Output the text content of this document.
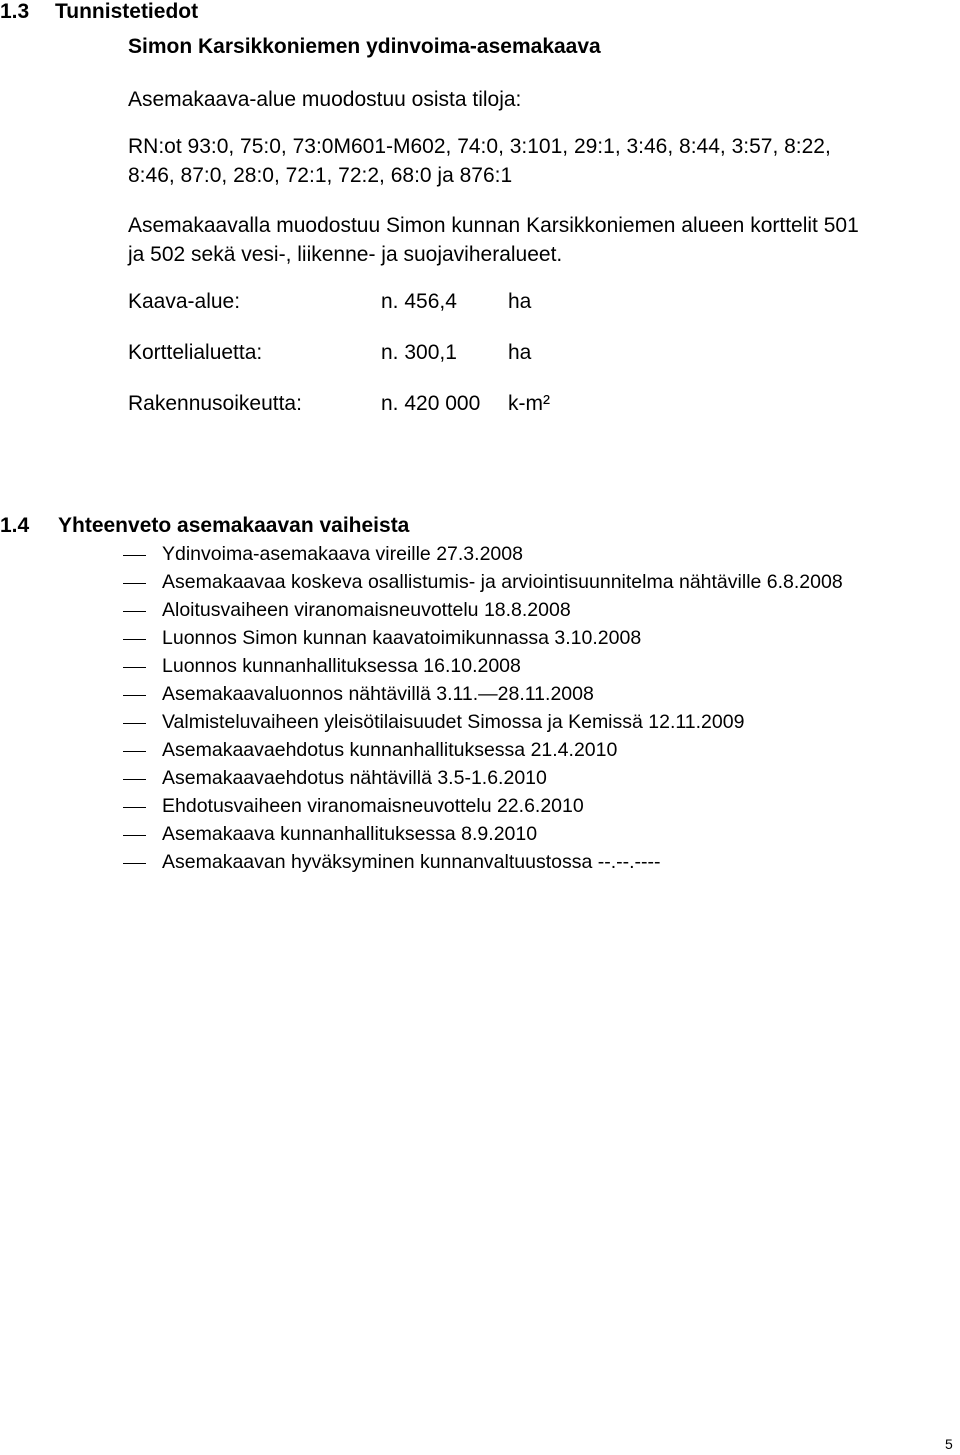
1.3 Tunnistetiedot
Simon Karsikkoniemen ydinvoima-asemakaava
Asemakaava-alue muodostuu osista tiloja:
RN:ot 93:0, 75:0, 73:0M601-M602, 74:0, 3:101, 29:1, 3:46, 8:44, 3:57, 8:22,
8:46, 87:0, 28:0, 72:1, 72:2, 68:0 ja 876:1
Asemakaavalla muodostuu Simon kunnan Karsikkoniemen alueen korttelit 501
ja 502 sekä vesi-, liikenne- ja suojaviheralueet.
Kaava-alue:	n. 456,4 ha
Korttelialuetta:	n. 300,1 ha
Rakennusoikeutta:	n. 420 000 k-m²
1.4 Yhteenveto asemakaavan vaiheista
Ydinvoima-asemakaava vireille 27.3.2008
Asemakaavaa koskeva osallistumis- ja arviointisuunnitelma nähtäville 6.8.2008
Aloitusvaiheen viranomaisneuvottelu 18.8.2008
Luonnos Simon kunnan kaavatoimikunnassa 3.10.2008
Luonnos kunnanhallituksessa 16.10.2008
Asemakaavaluonnos nähtävillä 3.11.—28.11.2008
Valmisteluvaiheen yleisötilaisuudet Simossa ja Kemissä 12.11.2009
Asemakaavaehdotus kunnanhallituksessa 21.4.2010
Asemakaavaehdotus nähtävillä 3.5-1.6.2010
Ehdotusvaiheen viranomaisneuvottelu 22.6.2010
Asemakaava kunnanhallituksessa 8.9.2010
Asemakaavan hyväksyminen kunnanvaltuustossa --.--.----
5
